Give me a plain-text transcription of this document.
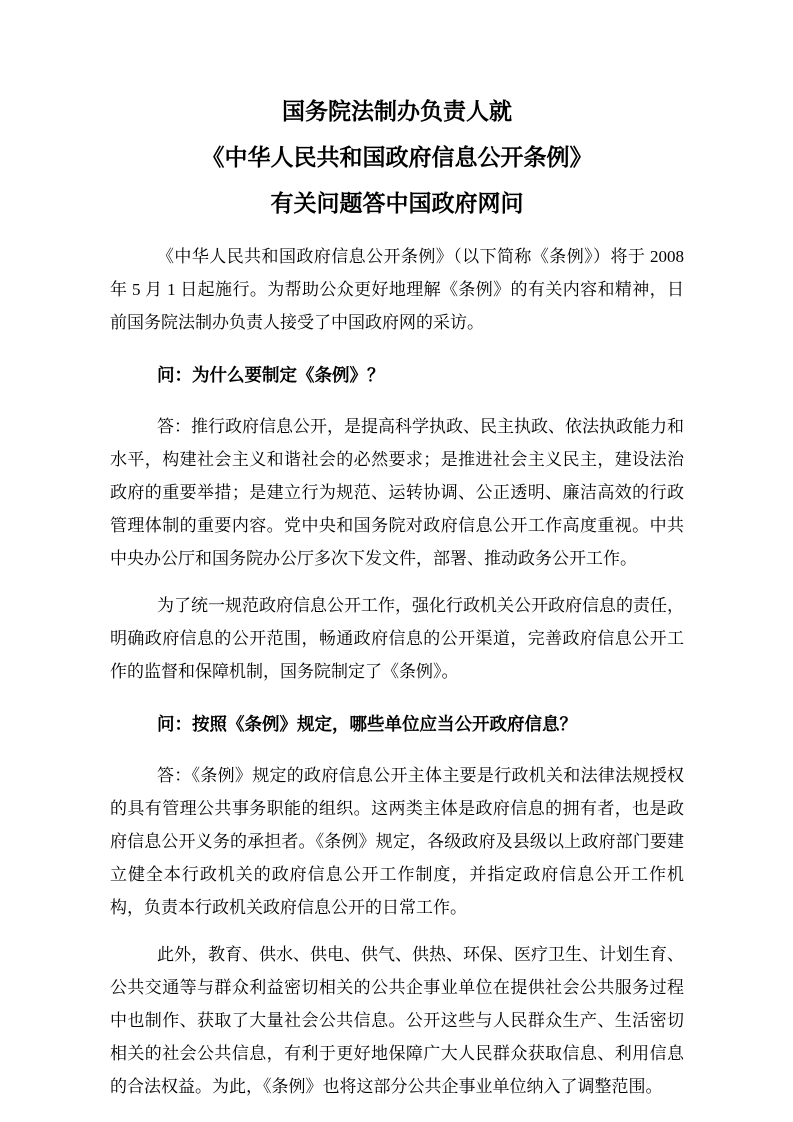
国务院法制办负责人就
《中华人民共和国政府信息公开条例》
有关问题答中国政府网问

《中华人民共和国政府信息公开条例》（以下简称《条例》）将于 2008 年 5 月 1 日起施行。为帮助公众更好地理解《条例》的有关内容和精神，日前国务院法制办负责人接受了中国政府网的采访。

问：为什么要制定《条例》？

答：推行政府信息公开，是提高科学执政、民主执政、依法执政能力和水平，构建社会主义和谐社会的必然要求；是推进社会主义民主，建设法治政府的重要举措；是建立行为规范、运转协调、公正透明、廉洁高效的行政管理体制的重要内容。党中央和国务院对政府信息公开工作高度重视。中共中央办公厅和国务院办公厅多次下发文件，部署、推动政务公开工作。

为了统一规范政府信息公开工作，强化行政机关公开政府信息的责任，明确政府信息的公开范围，畅通政府信息的公开渠道，完善政府信息公开工作的监督和保障机制，国务院制定了《条例》。

问：按照《条例》规定，哪些单位应当公开政府信息？

答：《条例》规定的政府信息公开主体主要是行政机关和法律法规授权的具有管理公共事务职能的组织。这两类主体是政府信息的拥有者，也是政府信息公开义务的承担者。《条例》规定，各级政府及县级以上政府部门要建立健全本行政机关的政府信息公开工作制度，并指定政府信息公开工作机构，负责本行政机关政府信息公开的日常工作。

此外，教育、供水、供电、供气、供热、环保、医疗卫生、计划生育、公共交通等与群众利益密切相关的公共企事业单位在提供社会公共服务过程中也制作、获取了大量社会公共信息。公开这些与人民群众生产、生活密切相关的社会公共信息，有利于更好地保障广大人民群众获取信息、利用信息的合法权益。为此，《条例》也将这部分公共企事业单位纳入了调整范围。
